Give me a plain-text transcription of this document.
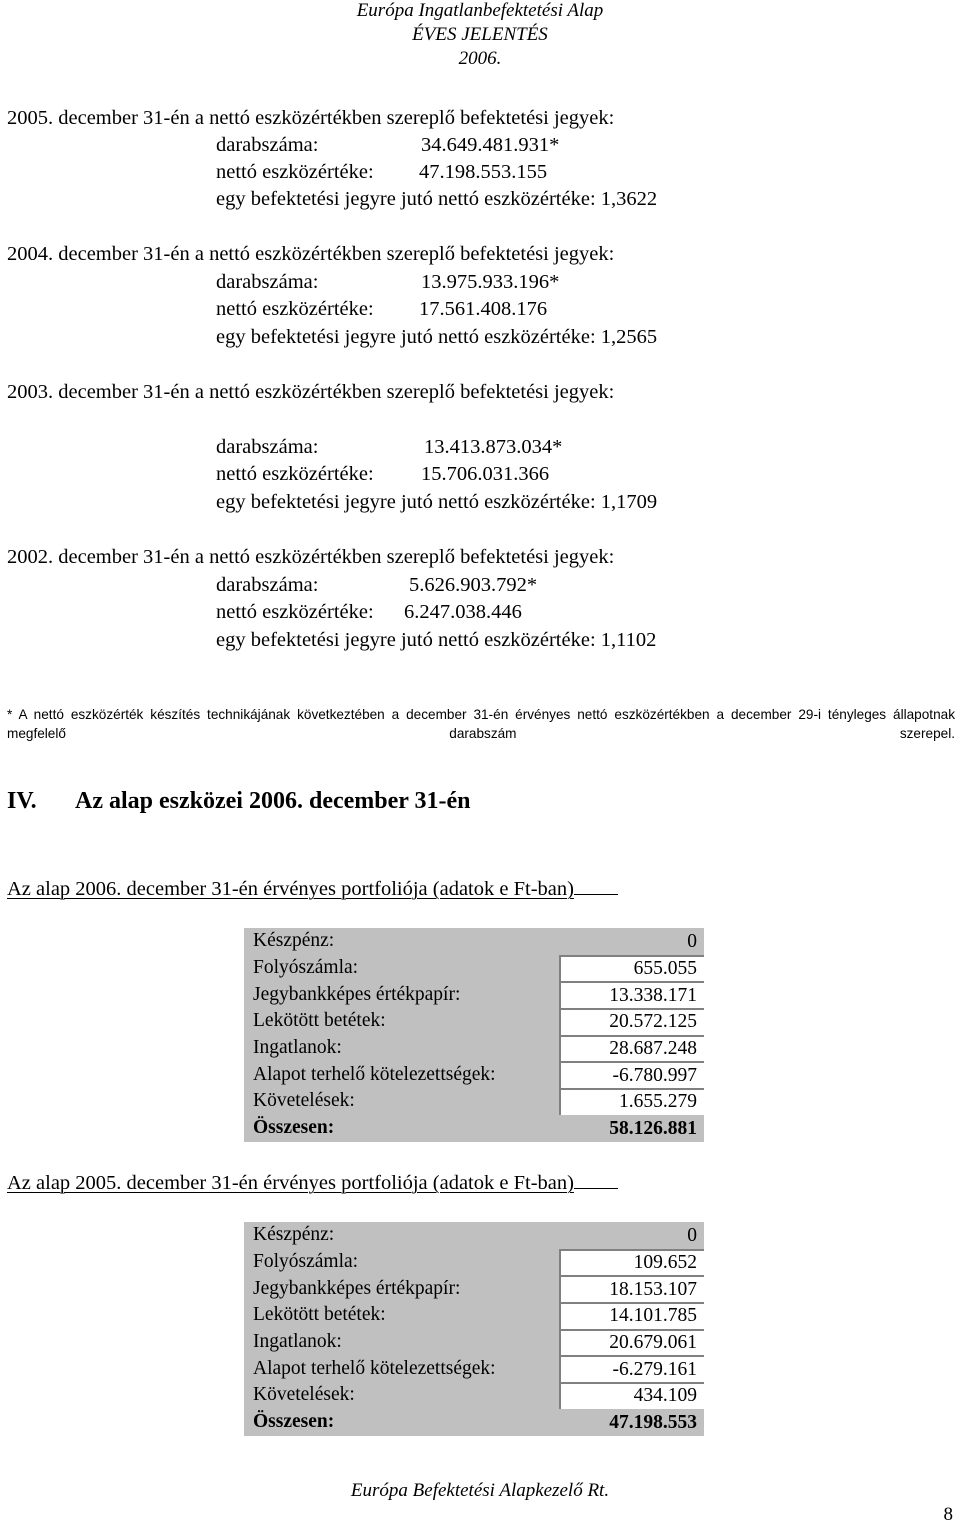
Európa Ingatlanbefektetési Alap
ÉVES JELENTÉS
2006.
2005. december 31-én a nettó eszközértékben szereplő befektetési jegyek:
darabszáma:	34.649.481.931*
nettó eszközértéke: 47.198.553.155
egy befektetési jegyre jutó nettó eszközértéke: 1,3622
2004. december 31-én a nettó eszközértékben szereplő befektetési jegyek:
darabszáma:	13.975.933.196*
nettó eszközértéke: 17.561.408.176
egy befektetési jegyre jutó nettó eszközértéke: 1,2565
2003. december 31-én a nettó eszközértékben szereplő befektetési jegyek:
darabszáma:	13.413.873.034*
nettó eszközértéke: 15.706.031.366
egy befektetési jegyre jutó nettó eszközértéke: 1,1709
2002. december 31-én a nettó eszközértékben szereplő befektetési jegyek:
darabszáma:	5.626.903.792*
nettó eszközértéke: 6.247.038.446
egy befektetési jegyre jutó nettó eszközértéke: 1,1102
* A nettó eszközérték készítés technikájának következtében a december 31-én érvényes nettó eszközértékben a december 29-i tényleges állapotnak megfelelő darabszám szerepel.
IV. Az alap eszközei 2006. december 31-én
Az alap 2006. december 31-én érvényes portfoliója (adatok e Ft-ban)
Készpénz:	0
Folyószámla:	655.055
Jegybankképes értékpapír:	13.338.171
Lekötött betétek:	20.572.125
Ingatlanok:	28.687.248
Alapot terhelő kötelezettségek:	-6.780.997
Követelések:	1.655.279
Összesen:	58.126.881
Az alap 2005. december 31-én érvényes portfoliója (adatok e Ft-ban)
Készpénz:	0
Folyószámla:	109.652
Jegybankképes értékpapír:	18.153.107
Lekötött betétek:	14.101.785
Ingatlanok:	20.679.061
Alapot terhelő kötelezettségek:	-6.279.161
Követelések:	434.109
Összesen:	47.198.553
Európa Befektetési Alapkezelő Rt.
8
